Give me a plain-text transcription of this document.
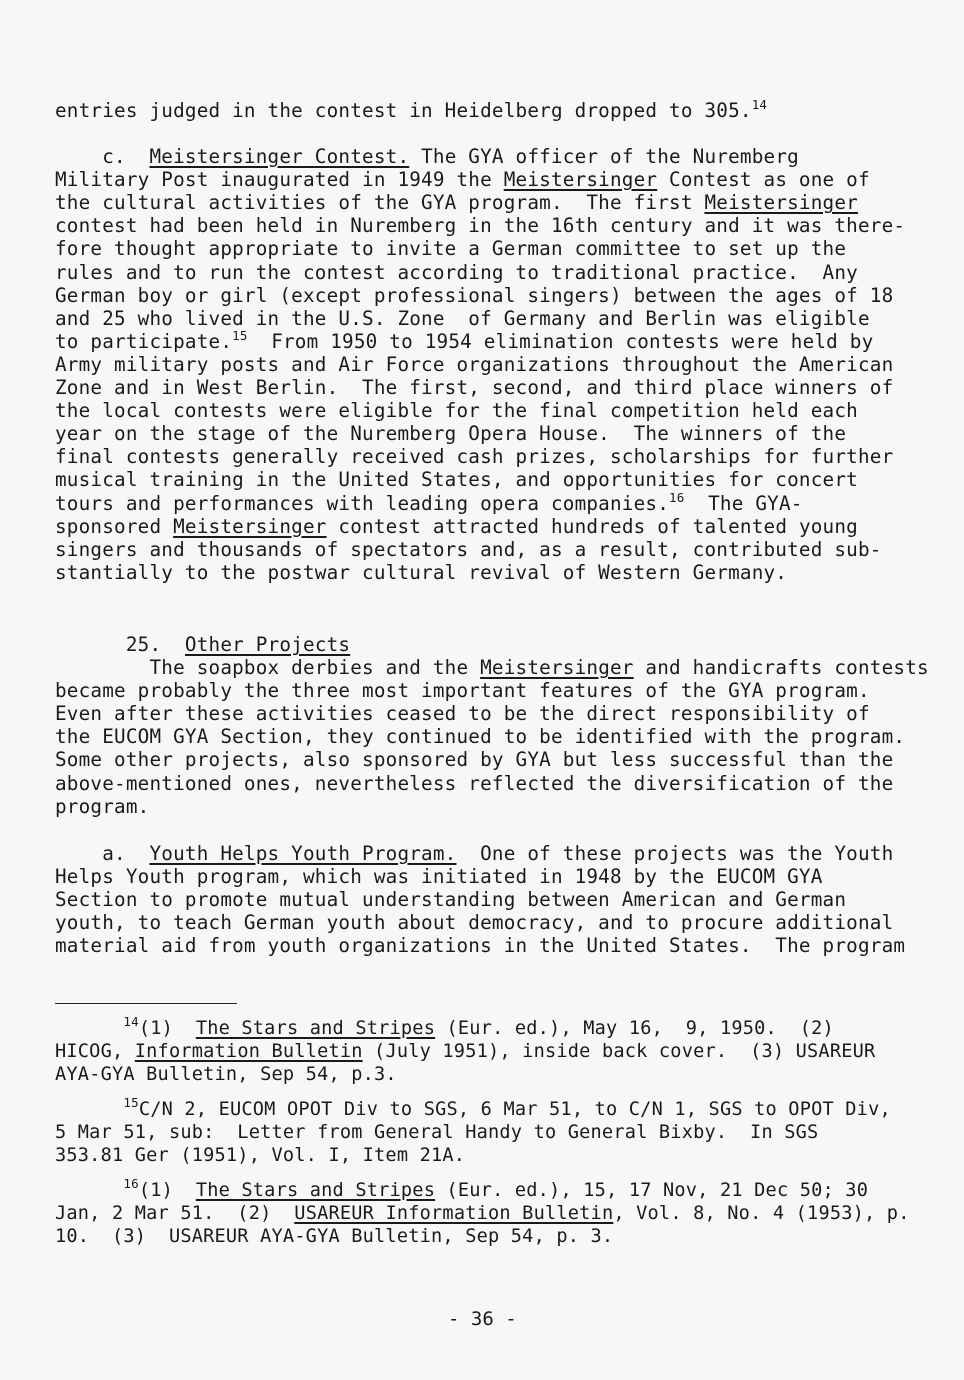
entries judged in the contest in Heidelberg dropped to 305.14
c.  Meistersinger Contest. The GYA officer of the Nuremberg
Military Post inaugurated in 1949 the Meistersinger Contest as one of
the cultural activities of the GYA program.  The first Meistersinger
contest had been held in Nuremberg in the 16th century and it was there-
fore thought appropriate to invite a German committee to set up the
rules and to run the contest according to traditional practice.  Any
German boy or girl (except professional singers) between the ages of 18
and 25 who lived in the U.S. Zone  of Germany and Berlin was eligible
to participate.$^{15}$  From 1950 to 1954 elimination contests were held by
Army military posts and Air Force organizations throughout the American
Zone and in West Berlin.  The first, second, and third place winners of
the local contests were eligible for the final competition held each
year on the stage of the Nuremberg Opera House.  The winners of the
final contests generally received cash prizes, scholarships for further
musical training in the United States, and opportunities for concert
tours and performances with leading opera companies.$^{16}$  The GYA-
sponsored Meistersinger contest attracted hundreds of talented young
singers and thousands of spectators and, as a result, contributed sub-
stantially to the postwar cultural revival of Western Germany.

25. Other Projects

The soapbox derbies and the Meistersinger and handicrafts contests
became probably the three most important features of the GYA program.
Even after these activities ceased to be the direct responsibility of
the EUCOM GYA Section, they continued to be identified with the program.
Some other projects, also sponsored by GYA but less successful than the
above-mentioned ones, nevertheless reflected the diversification of the
program.
a.  Youth Helps Youth Program.  One of these projects was the Youth
Helps Youth program, which was initiated in 1948 by the EUCOM GYA
Section to promote mutual understanding between American and German
youth, to teach German youth about democracy, and to procure additional
material aid from youth organizations in the United States.  The program
$^{14}$(1)  The Stars and Stripes (Eur. ed.), May 16,  9, 1950.  (2)
HICOG, Information Bulletin (July 1951), inside back cover.  (3) USAREUR
AYA-GYA Bulletin, Sep 54, p.3.
$^{15}$C/N 2, EUCOM OPOT Div to SGS, 6 Mar 51, to C/N 1, SGS to OPOT Div,
5 Mar 51, sub:  Letter from General Handy to General Bixby.  In SGS
353.81 Ger (1951), Vol. I, Item 21A.
$^{16}$(1)  The Stars and Stripes (Eur. ed.), 15, 17 Nov, 21 Dec 50; 30
Jan, 2 Mar 51.  (2)  USAREUR Information Bulletin, Vol. 8, No. 4 (1953), p.
10.  (3)  USAREUR AYA-GYA Bulletin, Sep 54, p. 3.
- 36 -
